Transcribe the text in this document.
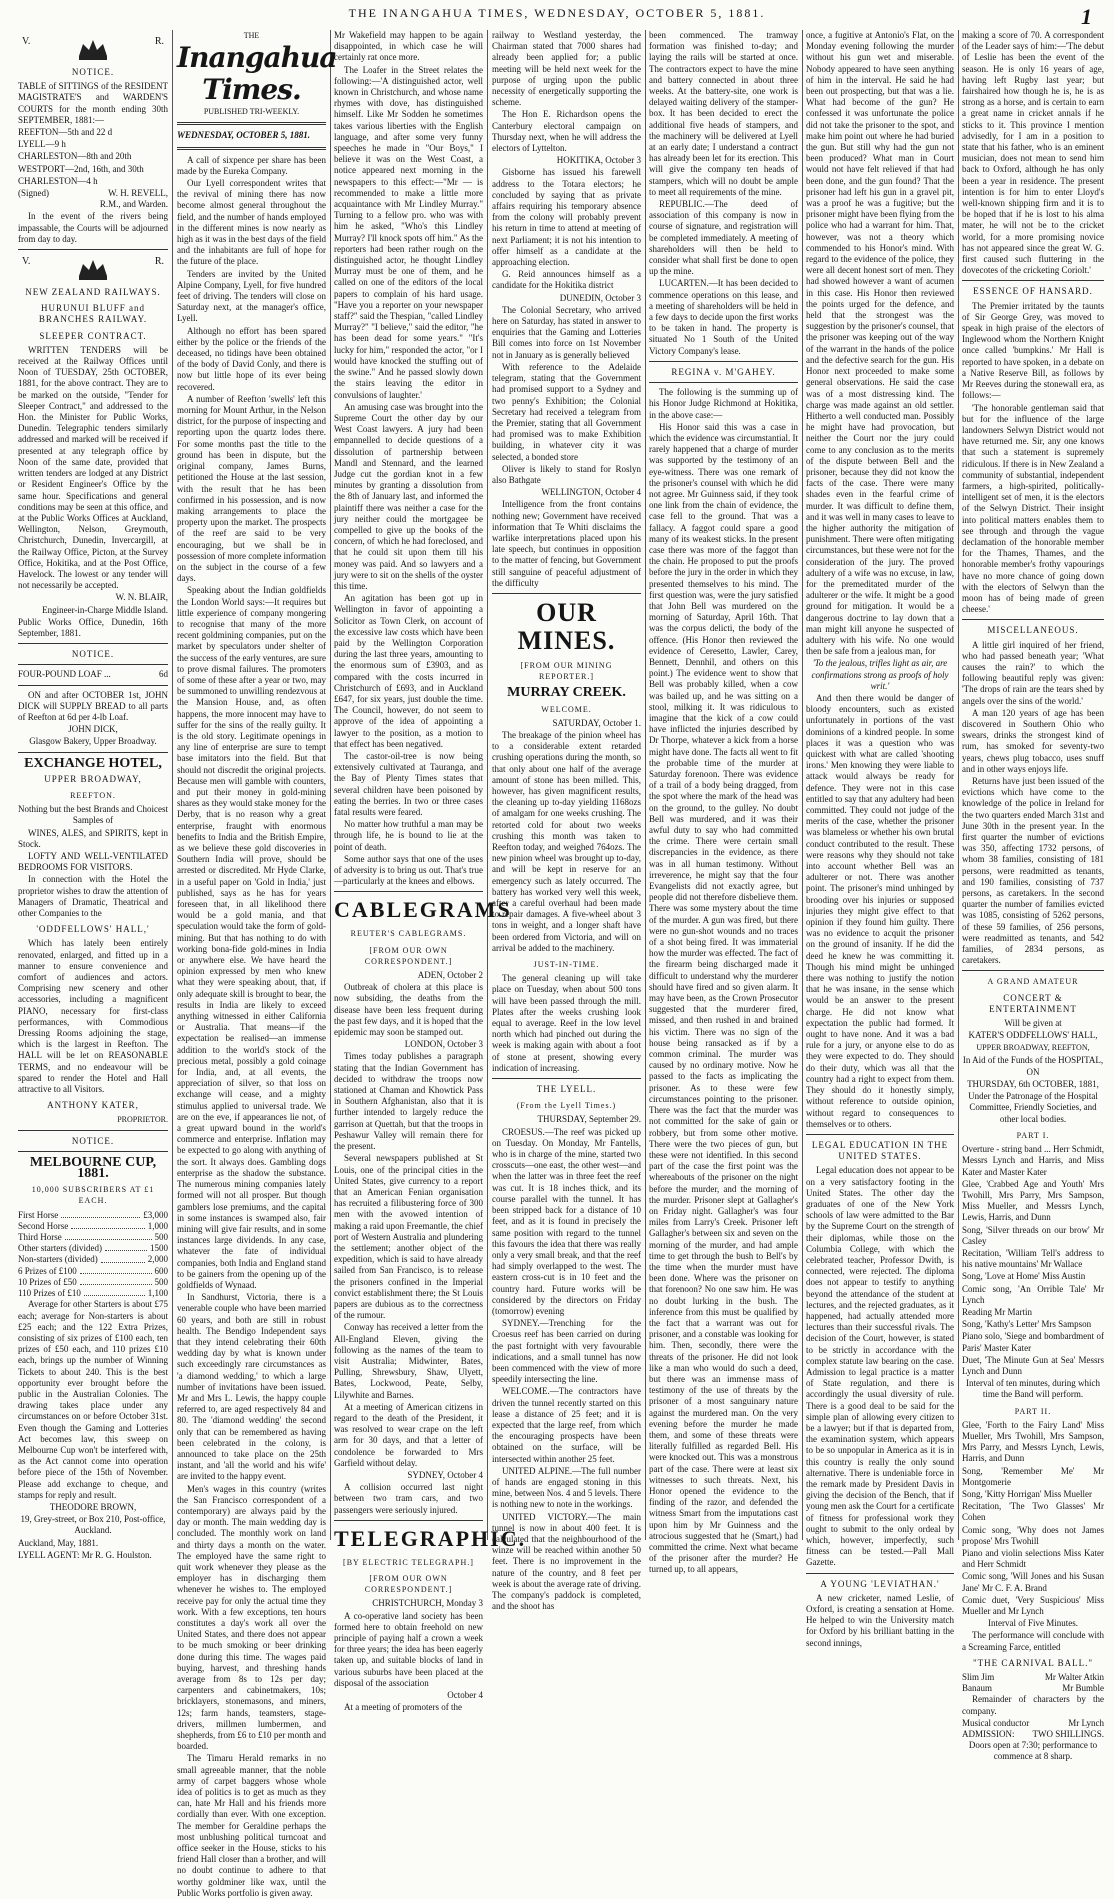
THE INANGAHUA TIMES, WEDNESDAY, OCTOBER 5, 1881.	1
V.	R.
NOTICE.

TABLE of SITTINGS of the RESIDENT MAGISTRATE'S and WARDEN'S COURTS for the month ending 30th SEPTEMBER, 1881:—

REEFTON—5th and 22 d

LYELL—9 h

CHARLESTON—8th and 20th

WESTPORT—2nd, 16th, and 30th

CHARLESTON—4 h

(Signed)	W. H. REVELL,

R.M., and Warden.

In the event of the rivers being impassable, the Courts will be adjourned from day to day.

V.	R.
NEW ZEALAND RAILWAYS.
HURUNUI BLUFF and BRANCHES RAILWAY.
SLEEPER CONTRACT.

WRITTEN TENDERS will be received at the Railway Offices until Noon of TUESDAY, 25th OCTOBER, 1881, for the above contract. They are to be marked on the outside, "Tender for Sleeper Contract," and addressed to the Hon. the Minister for Public Works, Dunedin. Telegraphic tenders similarly addressed and marked will be received if presented at any telegraph office by Noon of the same date, provided that written tenders are lodged at any District or Resident Engineer's Office by the same hour. Specifications and general conditions may be seen at this office, and at the Public Works Offices at Auckland, Wellington, Nelson, Greymouth, Christchurch, Dunedin, Invercargill, at the Railway Office, Picton, at the Survey Office, Hokitika, and at the Post Office, Havelock. The lowest or any tender will not necessarily be accepted.

W. N. BLAIR,

Engineer-in-Charge Middle Island.

Public Works Office, Dunedin, 16th September, 1881.

NOTICE.
FOUR-POUND LOAF ...	6d

ON and after OCTOBER 1st, JOHN DICK will SUPPLY BREAD to all parts of Reefton at 6d per 4-lb Loaf.

JOHN DICK,

Glasgow Bakery, Upper Broadway.

EXCHANGE HOTEL,
UPPER BROADWAY,
REEFTON.

Nothing but the best Brands and Choicest Samples of

WINES, ALES, and SPIRITS, kept in Stock.

LOFTY AND WELL-VENTILATED BEDROOMS FOR VISITORS.

In connection with the Hotel the proprietor wishes to draw the attention of Managers of Dramatic, Theatrical and other Companies to the

'ODDFELLOWS' HALL,'

Which has lately been entirely renovated, enlarged, and fitted up in a manner to ensure convenience and comfort of audiences and actors. Comprising new scenery and other accessories, including a magnificent PIANO, necessary for first-class performances, with Commodious Dressing Rooms adjoining the stage, which is the largest in Reefton. The HALL will be let on REASONABLE TERMS, and no endeavour will be spared to render the Hotel and Hall attractive to all Visitors.

ANTHONY KATER,

PROPRIETOR.

NOTICE.
MELBOURNE CUP, 1881.
10,000 SUBSCRIBERS AT £1 EACH.
First Horse	£3,000
Second Horse	1,000
Third Horse	500
Other starters (divided)	1500
Non-starters (divided)	2,000
6 Prizes of £100	600
10 Prizes of £50	500
110 Prizes of £10	1,100

Average for other Starters is about £75 each; average for Non-starters is about £25 each; and the 122 Extra Prizes, consisting of six prizes of £100 each, ten prizes of £50 each, and 110 prizes £10 each, brings up the number of Winning Tickets to about 240. This is the best opportunity ever brought before the public in the Australian Colonies. The drawing takes place under any circumstances on or before October 31st. Even though the Gaming and Lotteries Act becomes law, this sweep on Melbourne Cup won't be interfered with, as the Act cannot come into operation before piece of the 15th of November. Please add exchange to cheque, and stamps for reply and result.

THEODORE BROWN,

19, Grey-street, or Box 210, Post-office, Auckland.

Auckland, May, 1881.

LYELL AGENT: Mr R. G. Houlston.

THE

Inangahua Times.

PUBLISHED TRI-WEEKLY.

WEDNESDAY, OCTOBER 5, 1881.

A call of sixpence per share has been made by the Eureka Company.

Our Lyell correspondent writes that the revival of mining there has now become almost general throughout the field, and the number of hands employed in the different mines is now nearly as high as it was in the best days of the field and the inhabitants are full of hope for the future of the place.

Tenders are invited by the United Alpine Company, Lyell, for five hundred feet of driving. The tenders will close on Saturday next, at the manager's office, Lyell.

Although no effort has been spared either by the police or the friends of the deceased, no tidings have been obtained of the body of David Conly, and there is now but little hope of its ever being recovered.

A number of Reefton 'swells' left this morning for Mount Arthur, in the Nelson district, for the purpose of inspecting and reporting upon the quartz lodes there. For some months past the title to the ground has been in dispute, but the original company, James Burns, petitioned the House at the last session, with the result that he has been confirmed in his possession, and is now making arrangements to place the property upon the market. The prospects of the reef are said to be very encouraging, but we shall be in possession of more complete information on the subject in the course of a few days.

Speaking about the Indian goldfields the London World says:—It requires but little experience of company mongering to recognise that many of the more recent goldmining companies, put on the market by speculators under shelter of the success of the early ventures, are sure to prove dismal failures. The promoters of some of these after a year or two, may be summoned to unwilling rendezvous at the Mansion House, and, as often happens, the more innocent may have to suffer for the sins of the really guilty. It is the old story. Legitimate openings in any line of enterprise are sure to tempt base imitators into the field. But that should not discredit the original projects. Because men will gamble with counters, and put their money in gold-mining shares as they would stake money for the Derby, that is no reason why a great enterprise, fraught with enormous benefits to India and the British Empire, as we believe these gold discoveries in Southern India will prove, should be arrested or discredited. Mr Hyde Clarke, in a useful paper on 'Gold in India,' just published, says as he has for years foreseen that, in all likelihood there would be a gold mania, and that speculation would take the form of gold-mining. But that has nothing to do with working bona-fide gold-mines in India or anywhere else. We have heard the opinion expressed by men who knew what they were speaking about, that, if only adequate skill is brought to bear, the results in India are likely to exceed anything witnessed in either California or Australia. That means—if the expectation be realised—an immense addition to the world's stock of the precious metal, possibly a gold coinage for India, and, at all events, the appreciation of silver, so that loss on exchange will cease, and a mighty stimulus applied to universal trade. We are on the eve, if appearances lie not, of a great upward bound in the world's commerce and enterprise. Inflation may be expected to go along with anything of the sort. It always does. Gambling dogs enterprise as the shadow the substance. The numerous mining companies lately formed will not all prosper. But though gamblers lose premiums, and the capital in some instances is swamped also, fair mining will give fair results, and in some instances large dividends. In any case, whatever the fate of individual companies, both India and England stand to be gainers from the opening up of the goldfields of Wynaad.

In Sandhurst, Victoria, there is a venerable couple who have been married 60 years, and both are still in robust health. The Bendigo Independent says that they intend celebrating their 60th wedding day by what is known under such exceedingly rare circumstances as 'a diamond wedding,' to which a large number of invitations have been issued. Mr and Mrs L. Lewis, the happy couple referred to, are aged respectively 84 and 80. The 'diamond wedding' the second only that can be remembered as having been celebrated in the colony, is announced to take place on the 25th instant, and 'all the world and his wife' are invited to the happy event.

Men's wages in this country (writes the San Francisco correspondent of a contemporary) are always paid by the day or month. The main wedding day is concluded. The monthly work on land and thirty days a month on the water. The employed have the same right to quit work whenever they please as the employer has in discharging them whenever he wishes to. The employed receive pay for only the actual time they work. With a few exceptions, ten hours constitutes a day's work all over the United States, and there does not appear to be much smoking or beer drinking done during this time. The wages paid buying, harvest, and threshing hands average from 8s to 12s per day; carpenters and cabinetmakers, 10s; bricklayers, stonemasons, and miners, 12s; farm hands, teamsters, stage-drivers, millmen lumbermen, and shepherds, from £6 to £10 per month and boarded.

The Timaru Herald remarks in no small agreeable manner, that the noble army of carpet baggers whose whole idea of politics is to get as much as they can, hate Mr Hall and his friends more cordially than ever. With one exception. The member for Geraldine perhaps the most unblushing political turncoat and office seeker in the House, sticks to his friend Hall closer than a brother, and will no doubt continue to adhere to that worthy goldminer like wax, until the Public Works portfolio is given away.

Mr Wakefield may happen to be again disappointed, in which case he will certainly rat once more.

The Loafer in the Street relates the following:—'A distinguished actor, well known in Christchurch, and whose name rhymes with dove, has distinguished himself. Like Mr Sodden he sometimes takes various liberties with the English language, and after some very funny speeches he made in "Our Boys," I believe it was on the West Coast, a notice appeared next morning in the newspapers to this effect:—"Mr — is recommended to make a little more acquaintance with Mr Lindley Murray." Turning to a fellow pro. who was with him he asked, "Who's this Lindley Murray? I'll knock spots off him." As the reporters had been rather rough on the distinguished actor, he thought Lindley Murray must be one of them, and he called on one of the editors of the local papers to complain of his hard usage. "Have you a reporter on your newspaper staff?" said the Thespian, "called Lindley Murray?" "I believe," said the editor, "he has been dead for some years." "It's lucky for him," responded the actor, "or I would have knocked the stuffing out of the swine." And he passed slowly down the stairs leaving the editor in convulsions of laughter.'

An amusing case was brought into the Supreme Court the other day by our West Coast lawyers. A jury had been empannelled to decide questions of a dissolution of partnership between Mandl and Stennard, and the learned Judge cut the gordian knot in a few minutes by granting a dissolution from the 8th of January last, and informed the plaintiff there was neither a case for the jury neither could the mortgagee be compelled to give up the books of the concern, of which he had foreclosed, and that he could sit upon them till his money was paid. And so lawyers and a jury were to sit on the shells of the oyster this time.

An agitation has been got up in Wellington in favor of appointing a Solicitor as Town Clerk, on account of the excessive law costs which have been paid by the Wellington Corporation during the last three years, amounting to the enormous sum of £3903, and as compared with the costs incurred in Christchurch of £693, and in Auckland £647, for six years, just double the time. The Council, however, do not seem to approve of the idea of appointing a lawyer to the position, as a motion to that effect has been negatived.

The castor-oil-tree is now being extensively cultivated at Tauranga, and the Bay of Plenty Times states that several children have been poisoned by eating the berries. In two or three cases fatal results were feared.

No matter how truthful a man may be through life, he is bound to lie at the point of death.

Some author says that one of the uses of adversity is to bring us out. That's true—particularly at the knees and elbows.

CABLEGRAMS
REUTER'S CABLEGRAMS.
[FROM OUR OWN CORRESPONDENT.]

ADEN, October 2

Outbreak of cholera at this place is now subsiding, the deaths from the disease have been less frequent during the past few days, and it is hoped that the epidemic may soon be stamped out.

LONDON, October 3

Times today publishes a paragraph stating that the Indian Government has decided to withdraw the troops now stationed at Chaman and Khowtick Pass in Southern Afghanistan, also that it is further intended to largely reduce the garrison at Quettah, but that the troops in Peshawur Valley will remain there for the present.

Several newspapers published at St Louis, one of the principal cities in the United States, give currency to a report that an American Fenian organisation has recruited a filibustering force of 300 men with the avowed intention of making a raid upon Freemantle, the chief port of Western Australia and plundering the settlement; another object of the expedition, which is said to have already sailed from San Francisco, is to release the prisoners confined in the Imperial convict establishment there; the St Louis papers are dubious as to the correctness of the rumour.

Conway has received a letter from the All-England Eleven, giving the following as the names of the team to visit Australia; Midwinter, Bates, Pulling, Shrewsbury, Shaw, Ulyett, Bates, Lockwood, Peate, Selby, Lilywhite and Barnes.

At a meeting of American citizens in regard to the death of the President, it was resolved to wear crape on the left arm for 30 days, and that a letter of condolence be forwarded to Mrs Garfield without delay.

SYDNEY, October 4

A collision occurred last night between two tram cars, and two passengers were seriously injured.

TELEGRAPHIC.
[BY ELECTRIC TELEGRAPH.]
[FROM OUR OWN CORRESPONDENT.]

CHRISTCHURCH, Monday 3

A co-operative land society has been formed here to obtain freehold on new principle of paying half a crown a week for three years; the idea has been eagerly taken up, and suitable blocks of land in various suburbs have been placed at the disposal of the association

October 4

At a meeting of promoters of the

railway to Westland yesterday, the Chairman stated that 7000 shares had already been applied for; a public meeting will be held next week for the purpose of urging upon the public necessity of energetically supporting the scheme.

The Hon E. Richardson opens the Canterbury electoral campaign on Thursday next, when he will address the electors of Lyttelton.

HOKITIKA, October 3

Gisborne has issued his farewell address to the Totara electors; he concluded by saying that as private affairs requiring his temporary absence from the colony will probably prevent his return in time to attend at meeting of next Parliament; it is not his intention to offer himself as a candidate at the approaching election.

G. Reid announces himself as a candidate for the Hokitika district

DUNEDIN, October 3

The Colonial Secretary, who arrived here on Saturday, has stated in answer to enquiries that the Gaming and Lotteries Bill comes into force on 1st November not in January as is generally believed

With reference to the Adelaide telegram, stating that the Government had promised support to a Sydney and two penny's Exhibition; the Colonial Secretary had received a telegram from the Premier, stating that all Government had promised was to make Exhibition building, in whatever city it was selected, a bonded store

Oliver is likely to stand for Roslyn also Bathgate

WELLINGTON, October 4

Intelligence from the front contains nothing new; Government have received information that Te Whiti disclaims the warlike interpretations placed upon his late speech, but continues in opposition to the matter of fencing, but Government still sanguine of peaceful adjustment of the difficulty

OUR MINES.
[FROM OUR MINING REPORTER.]
MURRAY CREEK.
WELCOME.

SATURDAY, October 1.

The breakage of the pinion wheel has to a considerable extent retarded crushing operations during the month, so that only about one half of the average amount of stone has been milled. This, however, has given magnificent results, the cleaning up to-day yielding 1168ozs of amalgam for one weeks crushing. The retorted cold for about two weeks crushing this month was taken to Reefton today, and weighed 764ozs. The new pinion wheel was brought up to-day, and will be kept in reserve for an emergency such as lately occurred. The battery has worked very well this week, after a careful overhaul had been made to repair damages. A five-wheel about 3 tons in weight, and a longer shaft have been ordered from Victoria, and will on arrival be added to the machinery.

JUST-IN-TIME.

The general cleaning up will take place on Tuesday, when about 500 tons will have been passed through the mill. Plates after the weeks crushing look equal to average. Reef in the low level north which had pinched out during the week is making again with about a foot of stone at present, showing every indication of increasing.

THE LYELL.
(From the Lyell Times.)

THURSDAY, September 29.

CROESUS.—The reef was picked up on Tuesday. On Monday, Mr Fantells, who is in charge of the mine, started two crosscuts—one east, the other west—and when the latter was in three feet the reef was cut. It is 18 inches thick, and its course parallel with the tunnel. It has been stripped back for a distance of 10 feet, and as it is found in precisely the same position with regard to the tunnel this favours the idea that there was really only a very small break, and that the reef had simply overlapped to the west. The eastern cross-cut is in 10 feet and the country hard. Future works will be considered by the directors on Friday (tomorrow) evening

SYDNEY.—Trenching for the Croesus reef has been carried on during the past fortnight with very favourable indications, and a small tunnel has now been commenced with the view of more speedily intersecting the line.

WELCOME.—The contractors have driven the tunnel recently started on this lease a distance of 25 feet; and it is expected that the large reef, from which the encouraging prospects have been obtained on the surface, will be intersected within another 25 feet.

UNITED ALPINE.—The full number of hands are engaged stoning in this mine, between Nos. 4 and 5 levels. There is nothing new to note in the workings.

UNITED VICTORY.—The main tunnel is now in about 400 feet. It is calculated that the neighbourhood of the winze will be reached within another 50 feet. There is no improvement in the nature of the country, and 8 feet per week is about the average rate of driving. The company's paddock is completed, and the shoot has

been commenced. The tramway formation was finished to-day; and laying the rails will be started at once. The contractors expect to have the mine and battery connected in about three weeks. At the battery-site, one work is delayed waiting delivery of the stamper-box. It has been decided to erect the additional five heads of stampers, and the machinery will be delivered at Lyell at an early date; I understand a contract has already been let for its erection. This will give the company ten heads of stampers, which will no doubt be ample to meet all requirements of the mine.

REPUBLIC.—The deed of association of this company is now in course of signature, and registration will be completed immediately. A meeting of shareholders will then be held to consider what shall first be done to open up the mine.

LUCARTEN.—It has been decided to commence operations on this lease, and a meeting of shareholders will be held in a few days to decide upon the first works to be taken in hand. The property is situated No 1 South of the United Victory Company's lease.

REGINA v. M'GAHEY.

The following is the summing up of his Honor Judge Richmond at Hokitika, in the above case:—

His Honor said this was a case in which the evidence was circumstantial. It rarely happened that a charge of murder was supported by the testimony of an eye-witness. There was one remark of the prisoner's counsel with which he did not agree. Mr Guinness said, if they took one link from the chain of evidence, the case fell to the ground. That was a fallacy. A faggot could spare a good many of its weakest sticks. In the present case there was more of the faggot than the chain. He proposed to put the proofs before the jury in the order in which they presented themselves to his mind. The first question was, were the jury satisfied that John Bell was murdered on the morning of Saturday, April 16th. That was the corpus delicti, the body of the offence. (His Honor then reviewed the evidence of Ceresetto, Lawler, Carey, Bennett, Dennhil, and others on this point.) The evidence went to show that Bell was probably killed, when a cow was bailed up, and he was sitting on a stool, milking it. It was ridiculous to imagine that the kick of a cow could have inflicted the injuries described by Dr Thorpe, whatever a kick from a horse might have done. The facts all went to fit the probable time of the murder at Saturday forenoon. There was evidence of a trail of a body being dragged, from the spot where the mark of the head was on the ground, to the gulley. No doubt Bell was murdered, and it was their awful duty to say who had committed the crime. There were certain small discrepancies in the evidence, as there was in all human testimony. Without irreverence, he might say that the four Evangelists did not exactly agree, but people did not therefore disbelieve them. There was some mystery about the time of the murder. A gun was fired, but there were no gun-shot wounds and no traces of a shot being fired. It was immaterial how the murder was effected. The fact of the firearm being discharged made it difficult to understand why the murderer should have fired and so given alarm. It may have been, as the Crown Prosecutor suggested that the murderer fired, missed, and then rushed in and brained his victim. There was no sign of the house being ransacked as if by a common criminal. The murder was caused by no ordinary motive. Now he passed to the facts as implicating the prisoner. As to these were few circumstances pointing to the prisoner. There was the fact that the murder was not committed for the sake of gain or robbery, but from some other motive. There were the two pieces of gun, but these were not identified. In this second part of the case the first point was the whereabouts of the prisoner on the night before the murder, and the morning of the murder. Prisoner slept at Gallagher's on Friday night. Gallagher's was four miles from Larry's Creek. Prisoner left Gallagher's between six and seven on the morning of the murder, and had ample time to get through the bush to Bell's by the time when the murder must have been done. Where was the prisoner on that forenoon? No one saw him. He was no doubt lurking in the bush. The inference from this must be qualified by the fact that a warrant was out for prisoner, and a constable was looking for him. Then, secondly, there were the threats of the prisoner. He did not look like a man who would do such a deed, but there was an immense mass of testimony of the use of threats by the prisoner of a most sanguinary nature against the murdered man. On the very evening before the murder he made them, and some of these threats were literally fulfilled as regarded Bell. His were knocked out. This was a monstrous part of the case. There were at least six witnesses to such threats. Next, his Honor opened the evidence to the finding of the razor, and defended the witness Smart from the imputations cast upon him by Mr Guinness and the atrocious suggested that he (Smart,) had committed the crime. Next what became of the prisoner after the murder? He turned up, to all appears,

once, a fugitive at Antonio's Flat, on the Monday evening following the murder without his gun wet and miserable. Nobody appeared to have seen anything of him in the interval. He said he had been out prospecting, but that was a lie. What had become of the gun? He confessed it was unfortunate the police did not take the prisoner to the spot, and make him point out where he had buried the gun. But still why had the gun not been produced? What man in Court would not have felt relieved if that had been done, and the gun found? That the prisoner had left his gun in a gravel pit, was a proof he was a fugitive; but the prisoner might have been flying from the police who had a warrant for him. That, however, was not a theory which commended to his Honor's mind. With regard to the evidence of the police, they were all decent honest sort of men. They had showed however a want of acumen in this case. His Honor then reviewed the points urged for the defence, and held that the strongest was the suggestion by the prisoner's counsel, that the prisoner was keeping out of the way of the warrant in the hands of the police and the defective search for the gun. His Honor next proceeded to make some general observations. He said the case was of a most distressing kind. The charge was made against an old settler. Hitherto a well conducted man. Possibly he might have had provocation, but neither the Court nor the jury could come to any conclusion as to the merits of the dispute between Bell and the prisoner, because they did not know the facts of the case. There were many shades even in the fearful crime of murder. It was difficult to define them, and it was well in many cases to leave to the higher authority the mitigation of punishment. There were often mitigating circumstances, but these were not for the consideration of the jury. The proved adultery of a wife was no excuse, in law, for the premeditated murder of the adulterer or the wife. It might be a good ground for mitigation. It would be a dangerous doctrine to lay down that a man might kill anyone he suspected of adultery with his wife. No one would then be safe from a jealous man, for

'To the jealous, trifles light as air, are confirmations strong as proofs of holy writ.'

And then there would be danger of bloody encounters, such as existed unfortunately in portions of the vast dominions of a kindred people. In some places it was a question who was quickest with what are called 'shooting irons.' Men knowing they were liable to attack would always be ready for defence. They were not in this case entitled to say that any adultery had been committed. They could not judge of the merits of the case, whether the prisoner was blameless or whether his own brutal conduct contributed to the result. These were reasons why they should not take into account whether Bell was an adulterer or not. There was another point. The prisoner's mind unhinged by brooding over his injuries or supposed injuries they might give effect to that opinion if they found him guilty. There was no evidence to acquit the prisoner on the ground of insanity. If he did the deed he knew he was committing it. Though his mind might be unhinged there was nothing to justify the notion that he was insane, in the sense which would be an answer to the present charge. He did not know what expectation the public had formed. It ought to have none. And it was a bad rule for a jury, or anyone else to do as they were expected to do. They should do their duty, which was all that the country had a right to expect from them. They should do it honestly simply, without reference to outside opinion, without regard to consequences to themselves or to others.

LEGAL EDUCATION IN THE UNITED STATES.

Legal education does not appear to be on a very satisfactory footing in the United States. The other day the graduates of one of the New York schools of law were admitted to the Bar by the Supreme Court on the strength of their diplomas, while those on the Columbia College, with which the celebrated teacher, Professor Dwith, is connected, were rejected. The diploma does not appear to testify to anything beyond the attendance of the student at lectures, and the rejected graduates, as it happened, had actually attended more lectures than their successful rivals. The decision of the Court, however, is stated to be strictly in accordance with the complex statute law bearing on the case. Admission to legal practice is a matter of State regulation, and there is accordingly the usual diversity of rule. There is a good deal to be said for the simple plan of allowing every citizen to be a lawyer; but if that is departed from, the examination system, which appears to be so unpopular in America as it is in this country is really the only sound alternative. There is undeniable force in the remark made by President Davis in giving the decision of the Bench, that if young men ask the Court for a certificate of fitness for professional work they ought to submit to the only ordeal by which, however, imperfectly, such fitness can be tested.—Pall Mall Gazette.

A YOUNG 'LEVIATHAN.'

A new cricketer, named Leslie, of Oxford, is creating a sensation at Home. He helped to win the University match for Oxford by his brilliant batting in the second innings,

making a score of 70. A correspondent of the Leader says of him:—'The debut of Leslie has been the event of the season. He is only 16 years of age, having left Rugby last year; but fairshaired how though he is, he is as strong as a horse, and is certain to earn a great name in cricket annals if he sticks to it. This province I mention advisedly, for I am in a position to state that his father, who is an eminent musician, does not mean to send him back to Oxford, although he has only been a year in residence. The present intention is for him to enter Lloyd's well-known shipping firm and it is to be hoped that if he is lost to his alma mater, he will not be to the cricket world, for a more promising novice has not appeared since the great W. G. first caused such fluttering in the dovecotes of the cricketing Coriolt.'

ESSENCE OF HANSARD.

The Premier irritated by the taunts of Sir George Grey, was moved to speak in high praise of the electors of Inglewood whom the Northern Knight once called 'bumpkins.' Mr Hall is reported to have spoken, in a debate on a Native Reserve Bill, as follows by Mr Reeves during the stonewall era, as follows:—

'The honorable gentleman said that but for the influence of the large landowners Selwyn District would not have returned me. Sir, any one knows that such a statement is supremely ridiculous. If there is in New Zealand a community of substantial, independent farmers, a high-spirited, politically-intelligent set of men, it is the electors of the Selwyn District. Their insight into political matters enables them to see through and through the vague declamation of the honorable member for the Thames, Thames, and the honorable member's frothy vapourings have no more chance of going down with the electors of Selwyn than the moon has of being made of green cheese.'

MISCELLANEOUS.

A little girl inquired of her friend, who had passed beneath year; 'What causes the rain?' to which the following beautiful reply was given: 'The drops of rain are the tears shed by angels over the sins of the world.'

A man 120 years of age has been discovered in Southern Ohio who swears, drinks the strongest kind of rum, has smoked for seventy-two years, chews plug tobacco, uses snuff and in other ways enjoys life.

Returns have just been issued of the evictions which have come to the knowledge of the police in Ireland for the two quarters ended March 31st and June 30th in the present year. In the first quarter the number of evictions was 350, affecting 1732 persons, of whom 38 families, consisting of 181 persons, were readmitted as tenants, and 190 families, consisting of 737 persons, as caretakers. In the second quarter the number of families evicted was 1085, consisting of 5262 persons, of these 59 families, of 256 persons, were readmitted as tenants, and 542 families, of 2834 persons, as caretakers.

A GRAND AMATEUR
CONCERT & ENTERTAINMENT

Will be given at

KATER'S ODDFELLOWS' HALL,

UPPER BROADWAY, REEFTON,

In Aid of the Funds of the HOSPITAL,

ON

THURSDAY, 6th OCTOBER, 1881,

Under the Patronage of the Hospital Committee, Friendly Societies, and other local bodies.

PART I.

Overture - string band ... Herr Schmidt, Messrs Lynch and Harris, and Miss Kater and Master Kater

Glee, 'Crabbed Age and Youth' Mrs Twohill, Mrs Parry, Mrs Sampson, Miss Mueller, and Messrs Lynch, Lewis, Harris, and Dunn

Song, 'Silver threads on our brow' Mr Casley

Recitation, 'William Tell's address to his native mountains' Mr Wallace

Song, 'Love at Home' Miss Austin

Comic song, 'An Orrible Tale' Mr Lynch

Reading Mr Martin

Song, 'Kathy's Letter' Mrs Sampson

Piano solo, 'Siege and bombardment of Paris' Master Kater

Duet, 'The Minute Gun at Sea' Messrs Lynch and Dunn

Interval of ten minutes, during which time the Band will perform.

PART II.

Glee, 'Forth to the Fairy Land' Miss Mueller, Mrs Twohill, Mrs Sampson, Mrs Parry, and Messrs Lynch, Lewis, Harris, and Dunn

Song, 'Remember Me' Mr Montgomerie

Song, 'Kitty Horrigan' Miss Mueller

Recitation, 'The Two Glasses' Mr Cohen

Comic song, 'Why does not James propose' Mrs Twohill

Piano and violin selections Miss Kater and Herr Schmidt

Comic song, 'Will Jones and his Susan Jane' Mr C. F. A. Brand

Comic duet, 'Very Suspicious' Miss Mueller and Mr Lynch

Interval of Five Minutes.

The performance will conclude with a Screaming Farce, entitled

"THE CARNIVAL BALL."
Slim Jim	Mr Walter Atkin
Banaum	Mr Bumble

Remainder of characters by the company.

Musical conductor	Mr Lynch
ADMISSION: TWO SHILLINGS.

Doors open at 7:30; performance to commence at 8 sharp.
